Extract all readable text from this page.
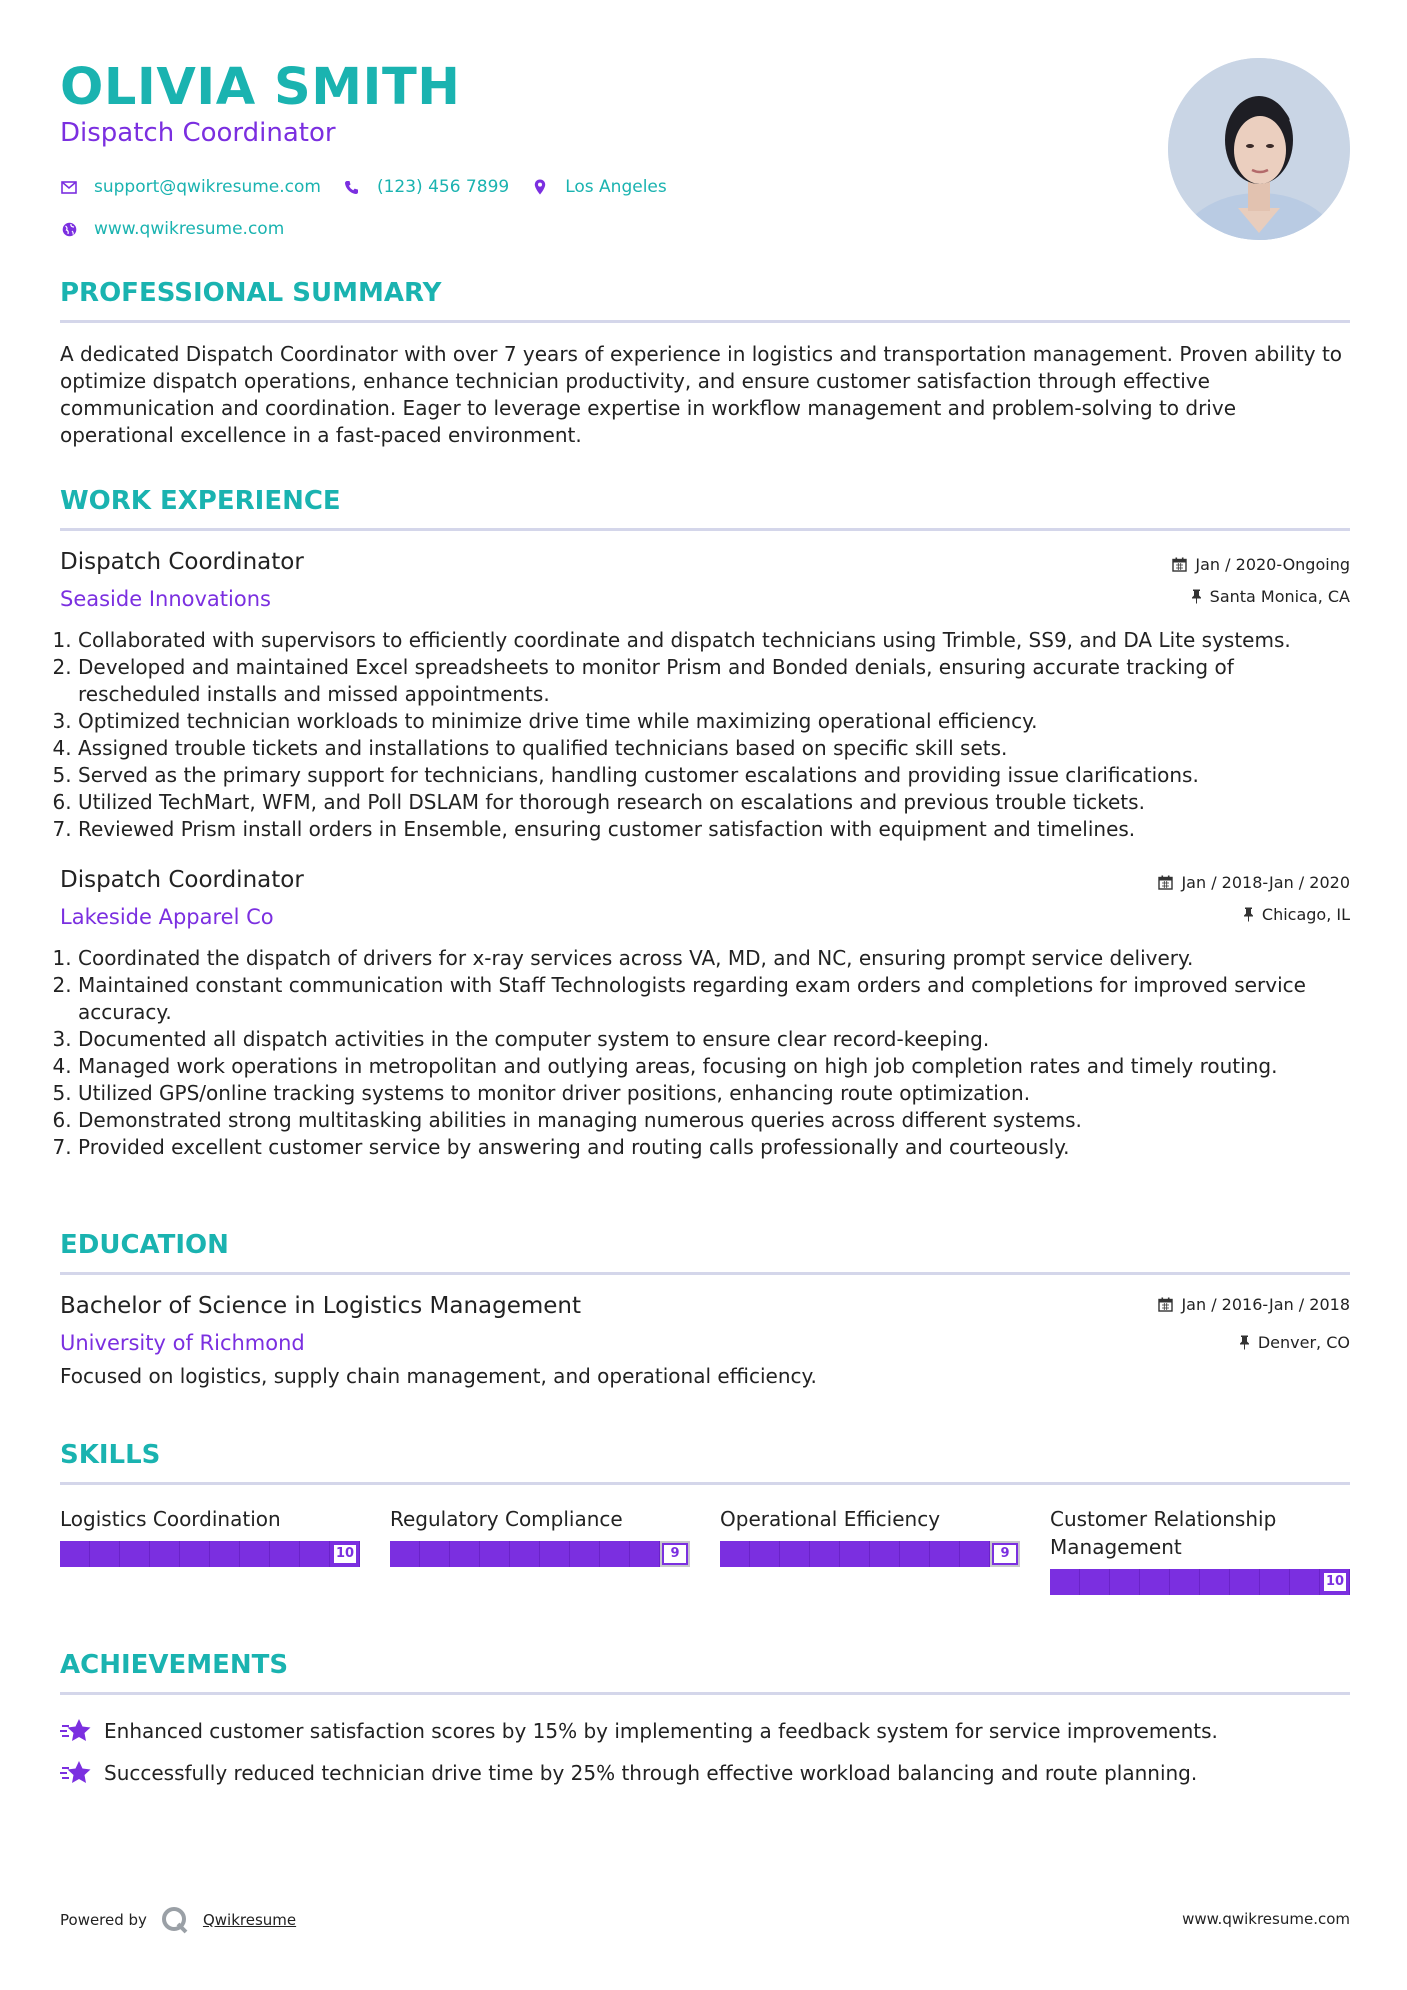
OLIVIA SMITH
Dispatch Coordinator
support@qwikresume.com	(123) 456 7899	Los Angeles
www.qwikresume.com
PROFESSIONAL SUMMARY
A dedicated Dispatch Coordinator with over 7 years of experience in logistics and transportation management. Proven ability to optimize dispatch operations, enhance technician productivity, and ensure customer satisfaction through effective communication and coordination. Eager to leverage expertise in workflow management and problem-solving to drive operational excellence in a fast-paced environment.
WORK EXPERIENCE
Dispatch Coordinator
Seaside Innovations
Jan / 2020-Ongoing
Santa Monica, CA
1. Collaborated with supervisors to efficiently coordinate and dispatch technicians using Trimble, SS9, and DA Lite systems.
2. Developed and maintained Excel spreadsheets to monitor Prism and Bonded denials, ensuring accurate tracking of rescheduled installs and missed appointments.
3. Optimized technician workloads to minimize drive time while maximizing operational efficiency.
4. Assigned trouble tickets and installations to qualified technicians based on specific skill sets.
5. Served as the primary support for technicians, handling customer escalations and providing issue clarifications.
6. Utilized TechMart, WFM, and Poll DSLAM for thorough research on escalations and previous trouble tickets.
7. Reviewed Prism install orders in Ensemble, ensuring customer satisfaction with equipment and timelines.
Dispatch Coordinator
Lakeside Apparel Co
Jan / 2018-Jan / 2020
Chicago, IL
1. Coordinated the dispatch of drivers for x-ray services across VA, MD, and NC, ensuring prompt service delivery.
2. Maintained constant communication with Staff Technologists regarding exam orders and completions for improved service accuracy.
3. Documented all dispatch activities in the computer system to ensure clear record-keeping.
4. Managed work operations in metropolitan and outlying areas, focusing on high job completion rates and timely routing.
5. Utilized GPS/online tracking systems to monitor driver positions, enhancing route optimization.
6. Demonstrated strong multitasking abilities in managing numerous queries across different systems.
7. Provided excellent customer service by answering and routing calls professionally and courteously.
EDUCATION
Bachelor of Science in Logistics Management
University of Richmond
Jan / 2016-Jan / 2018
Denver, CO
Focused on logistics, supply chain management, and operational efficiency.
SKILLS
Logistics Coordination
10
Regulatory Compliance
9
Operational Efficiency
9
Customer Relationship Management
10
ACHIEVEMENTS
Enhanced customer satisfaction scores by 15% by implementing a feedback system for service improvements.
Successfully reduced technician drive time by 25% through effective workload balancing and route planning.
Powered by	Qwikresume	www.qwikresume.com
